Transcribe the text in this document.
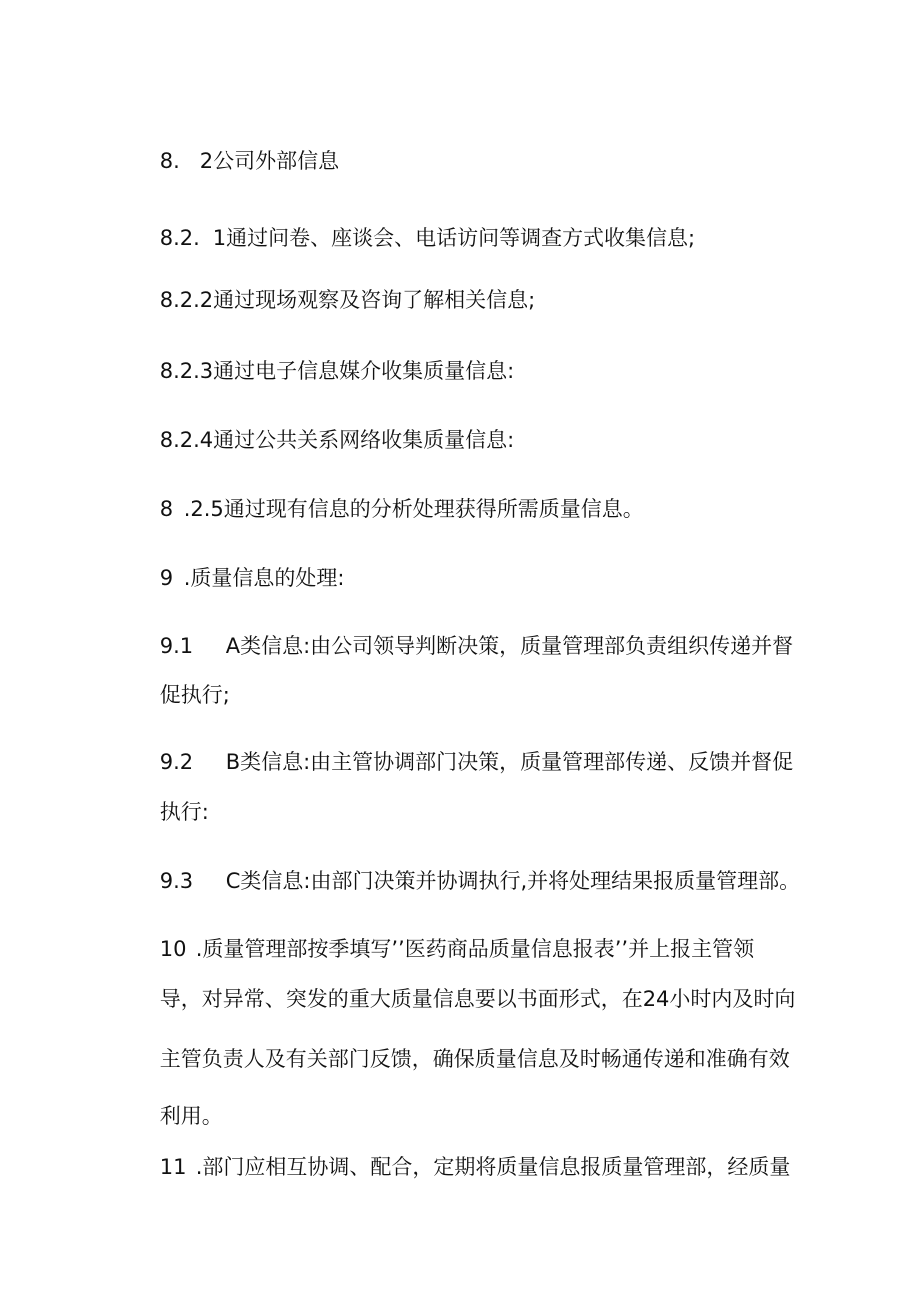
8. 2公司外部信息

8.2. 1通过问卷、座谈会、电话访问等调查方式收集信息;

8.2.2通过现场观察及咨询了解相关信息;

8.2.3通过电子信息媒介收集质量信息:

8.2.4通过公共关系网络收集质量信息:

8 .2.5通过现有信息的分析处理获得所需质量信息。

9 .质量信息的处理:

9.1 A类信息:由公司领导判断决策，质量管理部负责组织传递并督

促执行;

9.2 B类信息:由主管协调部门决策，质量管理部传递、反馈并督促

执行:

9.3 C类信息:由部门决策并协调执行,并将处理结果报质量管理部。

10 .质量管理部按季填写’’医药商品质量信息报表’’并上报主管领

导，对异常、突发的重大质量信息要以书面形式，在24小时内及时向

主管负责人及有关部门反馈，确保质量信息及时畅通传递和准确有效

利用。

11 .部门应相互协调、配合，定期将质量信息报质量管理部，经质量
